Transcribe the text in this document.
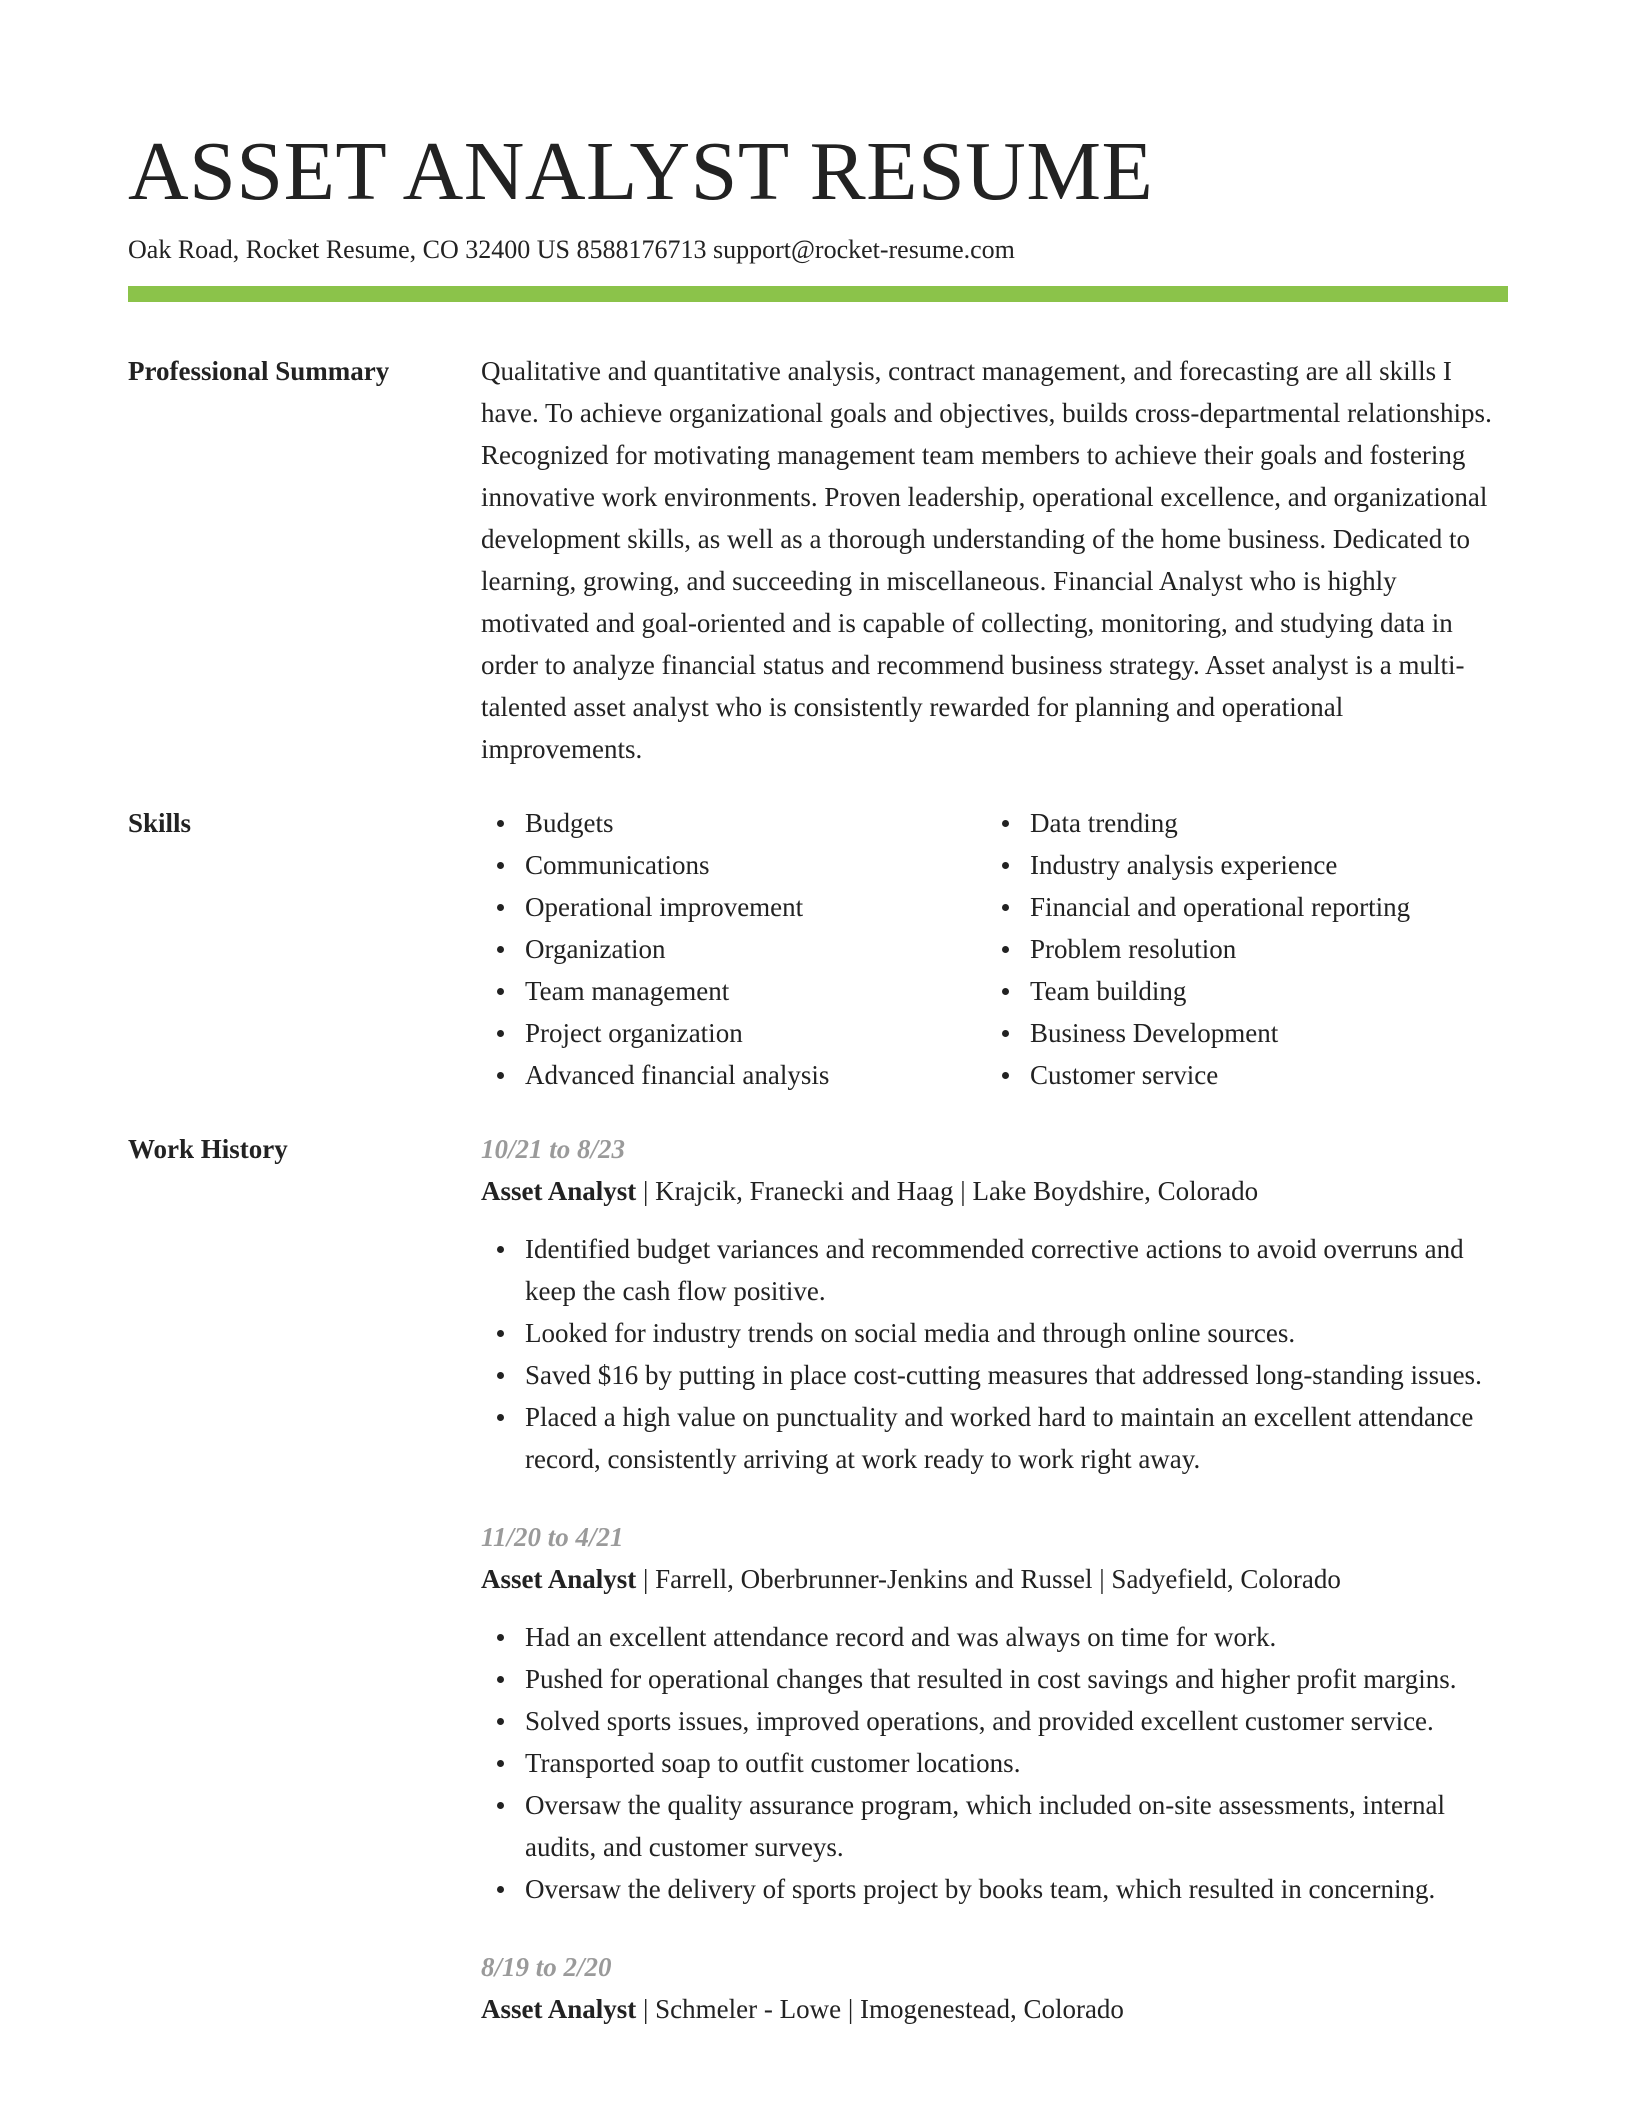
ASSET ANALYST RESUME
Oak Road, Rocket Resume, CO 32400 US 8588176713 support@rocket-resume.com
Professional Summary	Qualitative and quantitative analysis, contract management, and forecasting are all skills I have. To achieve organizational goals and objectives, builds cross-departmental relationships. Recognized for motivating management team members to achieve their goals and fostering innovative work environments. Proven leadership, operational excellence, and organizational development skills, as well as a thorough understanding of the home business. Dedicated to learning, growing, and succeeding in miscellaneous. Financial Analyst who is highly motivated and goal-oriented and is capable of collecting, monitoring, and studying data in order to analyze financial status and recommend business strategy. Asset analyst is a multi-talented asset analyst who is consistently rewarded for planning and operational improvements.

Skills	Budgets
Communications
Operational improvement
Organization
Team management
Project organization
Advanced financial analysis
Data trending
Industry analysis experience
Financial and operational reporting
Problem resolution
Team building
Business Development
Customer service
Work History	10/21 to 8/23
Asset Analyst | Krajcik, Franecki and Haag | Lake Boydshire, Colorado
Identified budget variances and recommended corrective actions to avoid overruns and keep the cash flow positive.
Looked for industry trends on social media and through online sources.
Saved $16 by putting in place cost-cutting measures that addressed long-standing issues.
Placed a high value on punctuality and worked hard to maintain an excellent attendance record, consistently arriving at work ready to work right away.
11/20 to 4/21
Asset Analyst | Farrell, Oberbrunner-Jenkins and Russel | Sadyefield, Colorado
Had an excellent attendance record and was always on time for work.
Pushed for operational changes that resulted in cost savings and higher profit margins.
Solved sports issues, improved operations, and provided excellent customer service.
Transported soap to outfit customer locations.
Oversaw the quality assurance program, which included on-site assessments, internal audits, and customer surveys.
Oversaw the delivery of sports project by books team, which resulted in concerning.
8/19 to 2/20
Asset Analyst | Schmeler - Lowe | Imogenestead, Colorado
